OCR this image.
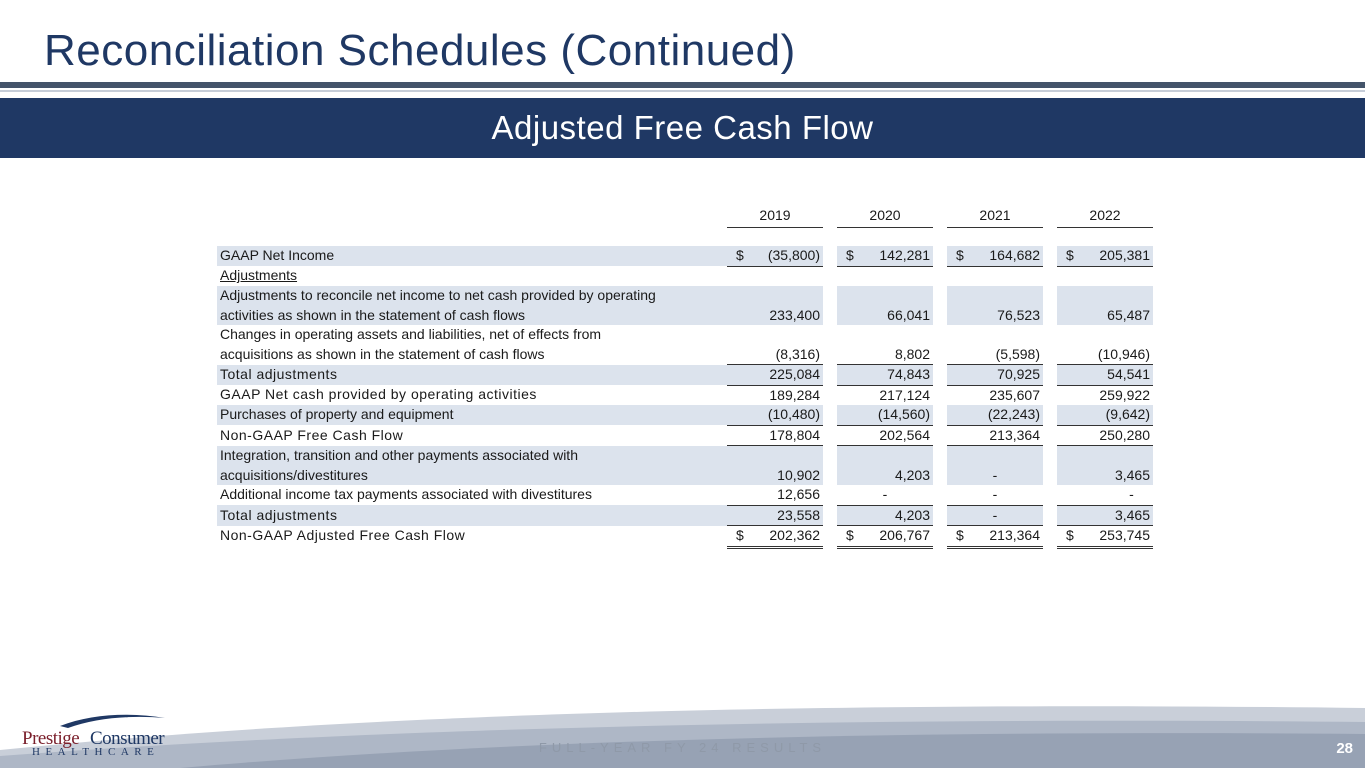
Reconciliation Schedules (Continued)
Adjusted Free Cash Flow
	2019		2020		2021		2022

GAAP Net Income	$ (35,800)		$ 142,281		$ 164,682		$ 205,381
Adjustments							
Adjustments to reconcile net income to net cash provided by operating							
activities as shown in the statement of cash flows	233,400		66,041		76,523		65,487
Changes in operating assets and liabilities, net of effects from							
acquisitions as shown in the statement of cash flows	(8,316)		8,802		(5,598)		(10,946)
Total adjustments	225,084		74,843		70,925		54,541
GAAP Net cash provided by operating activities	189,284		217,124		235,607		259,922
Purchases of property and equipment	(10,480)		(14,560)		(22,243)		(9,642)
Non-GAAP Free Cash Flow	178,804		202,564		213,364		250,280
Integration, transition and other payments associated with							
acquisitions/divestitures	10,902		4,203		-		3,465
Additional income tax payments associated with divestitures	12,656		-		-		-
Total adjustments	23,558		4,203		-		3,465
Non-GAAP Adjusted Free Cash Flow	$ 202,362		$ 206,767		$ 213,364		$ 253,745
Prestige Consumer
HEALTHCARE	FULL-YEAR FY 24 RESULTS	28
